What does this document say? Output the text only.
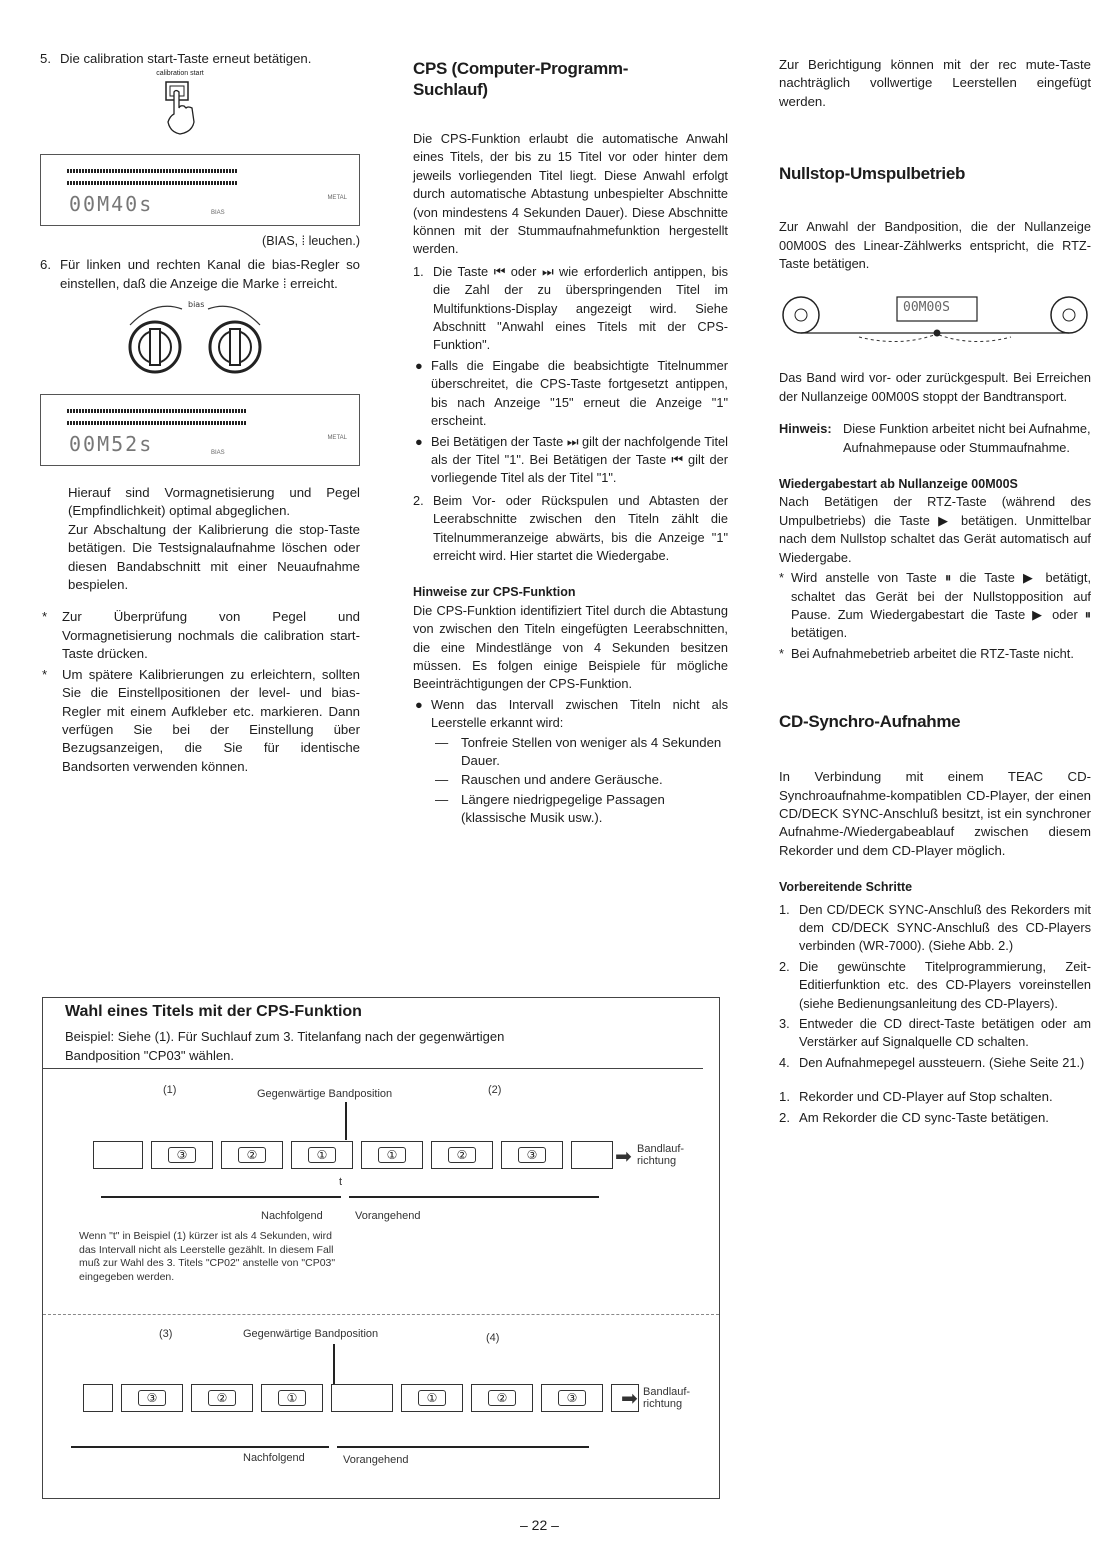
5. Die calibration start-Taste erneut betätigen.
calibration start
00M40s	BIAS
METAL
(BIAS, ⁞ leuchen.)
6. Für linken und rechten Kanal die bias-Regler so einstellen, daß die Anzeige die Marke ⁞ erreicht.
bias
00M52s	BIAS
METAL

Hierauf sind Vormagnetisierung und Pegel (Empfindlichkeit) optimal abgeglichen.

Zur Abschaltung der Kalibrierung die stop-Taste betätigen. Die Testsignalaufnahme löschen oder diesen Bandabschnitt mit einer Neuaufnahme bespielen.

* Zur Überprüfung von Pegel und Vormagnetisierung nochmals die calibration start-Taste drücken.
* Um spätere Kalibrierungen zu erleichtern, sollten Sie die Einstellpositionen der level- und bias-Regler mit einem Aufkleber etc. markieren. Dann verfügen Sie bei der Einstellung über Bezugsanzeigen, die Sie für identische Bandsorten verwenden können.
CPS (Computer-Programm-Suchlauf)

Die CPS-Funktion erlaubt die automatische Anwahl eines Titels, der bis zu 15 Titel vor oder hinter dem jeweils vorliegenden Titel liegt. Diese Anwahl erfolgt durch automatische Abtastung unbespielter Abschnitte (von mindestens 4 Sekunden Dauer). Diese Abschnitte können mit der Stummaufnahmefunktion hergestellt werden.

1. Die Taste ⏮ oder ⏭ wie erforderlich antippen, bis die Zahl der zu überspringenden Titel im Multifunktions-Display angezeigt wird. Siehe Abschnitt "Anwahl eines Titels mit der CPS-Funktion".
● Falls die Eingabe die beabsichtigte Titelnummer überschreitet, die CPS-Taste fortgesetzt antippen, bis nach Anzeige "15" erneut die Anzeige "1" erscheint.
● Bei Betätigen der Taste ⏭ gilt der nachfolgende Titel als der Titel "1". Bei Betätigen der Taste ⏮ gilt der vorliegende Titel als der Titel "1".
2. Beim Vor- oder Rückspulen und Abtasten der Leerabschnitte zwischen den Titeln zählt die Titelnummeranzeige abwärts, bis die Anzeige "1" erreicht wird. Hier startet die Wiedergabe.
Hinweise zur CPS-Funktion

Die CPS-Funktion identifiziert Titel durch die Abtastung von zwischen den Titeln eingefügten Leerabschnitten, die eine Mindestlänge von 4 Sekunden besitzen müssen. Es folgen einige Beispiele für mögliche Beeinträchtigungen der CPS-Funktion.

● Wenn das Intervall zwischen Titeln nicht als Leerstelle erkannt wird:
— Tonfreie Stellen von weniger als 4 Sekunden Dauer.
— Rauschen und andere Geräusche.
— Längere niedrigpegelige Passagen (klassische Musik usw.).

Zur Berichtigung können mit der rec mute-Taste nachträglich vollwertige Leerstellen eingefügt werden.

Nullstop-Umspulbetrieb

Zur Anwahl der Bandposition, die der Nullanzeige 00M00S des Linear-Zählwerks entspricht, die RTZ-Taste betätigen.

00M00S

Das Band wird vor- oder zurückgespult. Bei Erreichen der Nullanzeige 00M00S stoppt der Bandtransport.

Hinweis: Diese Funktion arbeitet nicht bei Aufnahme, Aufnahmepause oder Stummaufnahme.
Wiedergabestart ab Nullanzeige 00M00S

Nach Betätigen der RTZ-Taste (während des Umpulbetriebs) die Taste ▶ betätigen. Unmittelbar nach dem Nullstop schaltet das Gerät automatisch auf Wiedergabe.

* Wird anstelle von Taste ⏸ die Taste ▶ betätigt, schaltet das Gerät bei der Nullstopposition auf Pause. Zum Wiedergabestart die Taste ▶ oder ⏸ betätigen.
* Bei Aufnahmebetrieb arbeitet die RTZ-Taste nicht.
CD-Synchro-Aufnahme

In Verbindung mit einem TEAC CD-Synchroaufnahme-kompatiblen CD-Player, der einen CD/DECK SYNC-Anschluß besitzt, ist ein synchroner Aufnahme-/Wiedergabeablauf zwischen diesem Rekorder und dem CD-Player möglich.

Vorbereitende Schritte
1. Den CD/DECK SYNC-Anschluß des Rekorders mit dem CD/DECK SYNC-Anschluß des CD-Players verbinden (WR-7000). (Siehe Abb. 2.)
2. Die gewünschte Titelprogrammierung, Zeit-Editierfunktion etc. des CD-Players voreinstellen (siehe Bedienungsanleitung des CD-Players).
3. Entweder die CD direct-Taste betätigen oder am Verstärker auf Signalquelle CD schalten.
4. Den Aufnahmepegel aussteuern. (Siehe Seite 21.)
1. Rekorder und CD-Player auf Stop schalten.
2. Am Rekorder die CD sync-Taste betätigen.
Wahl eines Titels mit der CPS-Funktion
Beispiel: Siehe (1). Für Suchlauf zum 3. Titelanfang nach der gegenwärtigen
Bandposition "CP03" wählen.
(1)	Gegenwärtige Bandposition	(2)
③	②	①	①	②	③	➡ Bandlauf-richtung
t
Nachfolgend	Vorangehend
Wenn "t" in Beispiel (1) kürzer ist als 4 Sekunden, wird das Intervall nicht als Leerstelle gezählt. In diesem Fall muß zur Wahl des 3. Titels "CP02" anstelle von "CP03" eingegeben werden.
(3)	Gegenwärtige Bandposition	(4)
③	②	①	①	②	③	➡ Bandlauf-richtung
Nachfolgend	Vorangehend
– 22 –
